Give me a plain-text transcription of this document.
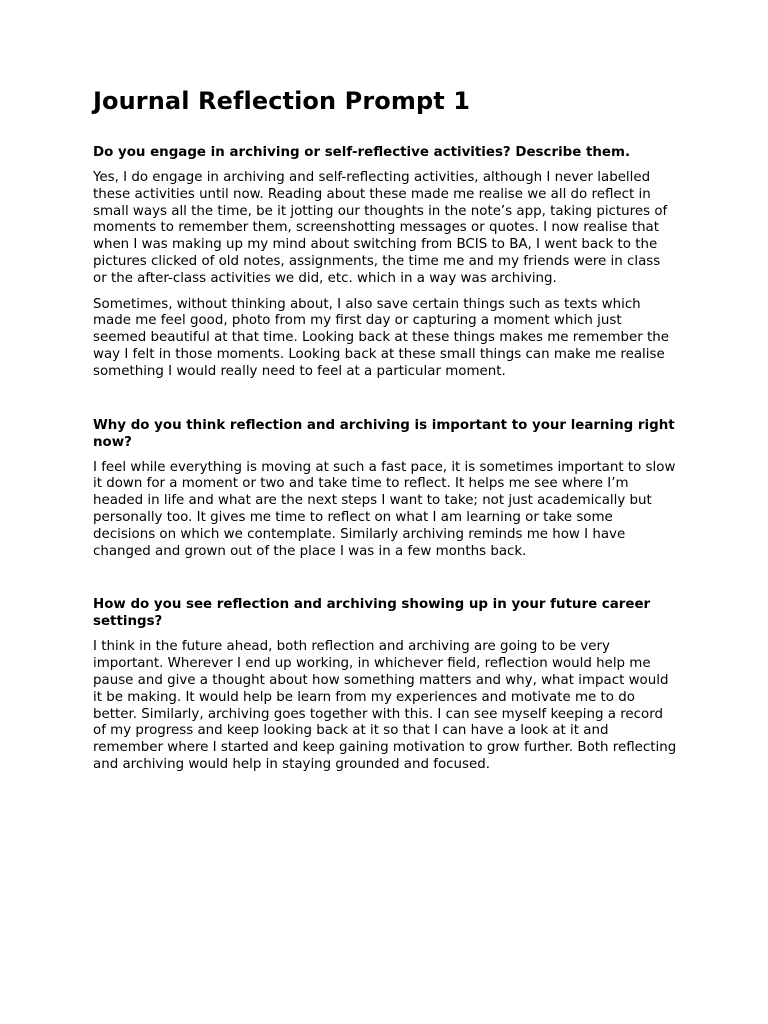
Journal Reflection Prompt 1
Do you engage in archiving or self-reflective activities? Describe them.

Yes, I do engage in archiving and self-reflecting activities, although I never labelled these activities until now. Reading about these made me realise we all do reflect in small ways all the time, be it jotting our thoughts in the note’s app, taking pictures of moments to remember them, screenshotting messages or quotes. I now realise that when I was making up my mind about switching from BCIS to BA, I went back to the pictures clicked of old notes, assignments, the time me and my friends were in class or the after-class activities we did, etc. which in a way was archiving.

Sometimes, without thinking about, I also save certain things such as texts which made me feel good, photo from my first day or capturing a moment which just seemed beautiful at that time. Looking back at these things makes me remember the way I felt in those moments. Looking back at these small things can make me realise something I would really need to feel at a particular moment.

Why do you think reflection and archiving is important to your learning right now?

I feel while everything is moving at such a fast pace, it is sometimes important to slow it down for a moment or two and take time to reflect. It helps me see where I’m headed in life and what are the next steps I want to take; not just academically but personally too. It gives me time to reflect on what I am learning or take some decisions on which we contemplate. Similarly archiving reminds me how I have changed and grown out of the place I was in a few months back.

How do you see reflection and archiving showing up in your future career settings?

I think in the future ahead, both reflection and archiving are going to be very important. Wherever I end up working, in whichever field, reflection would help me pause and give a thought about how something matters and why, what impact would it be making. It would help be learn from my experiences and motivate me to do better. Similarly, archiving goes together with this. I can see myself keeping a record of my progress and keep looking back at it so that I can have a look at it and remember where I started and keep gaining motivation to grow further. Both reflecting and archiving would help in staying grounded and focused.
